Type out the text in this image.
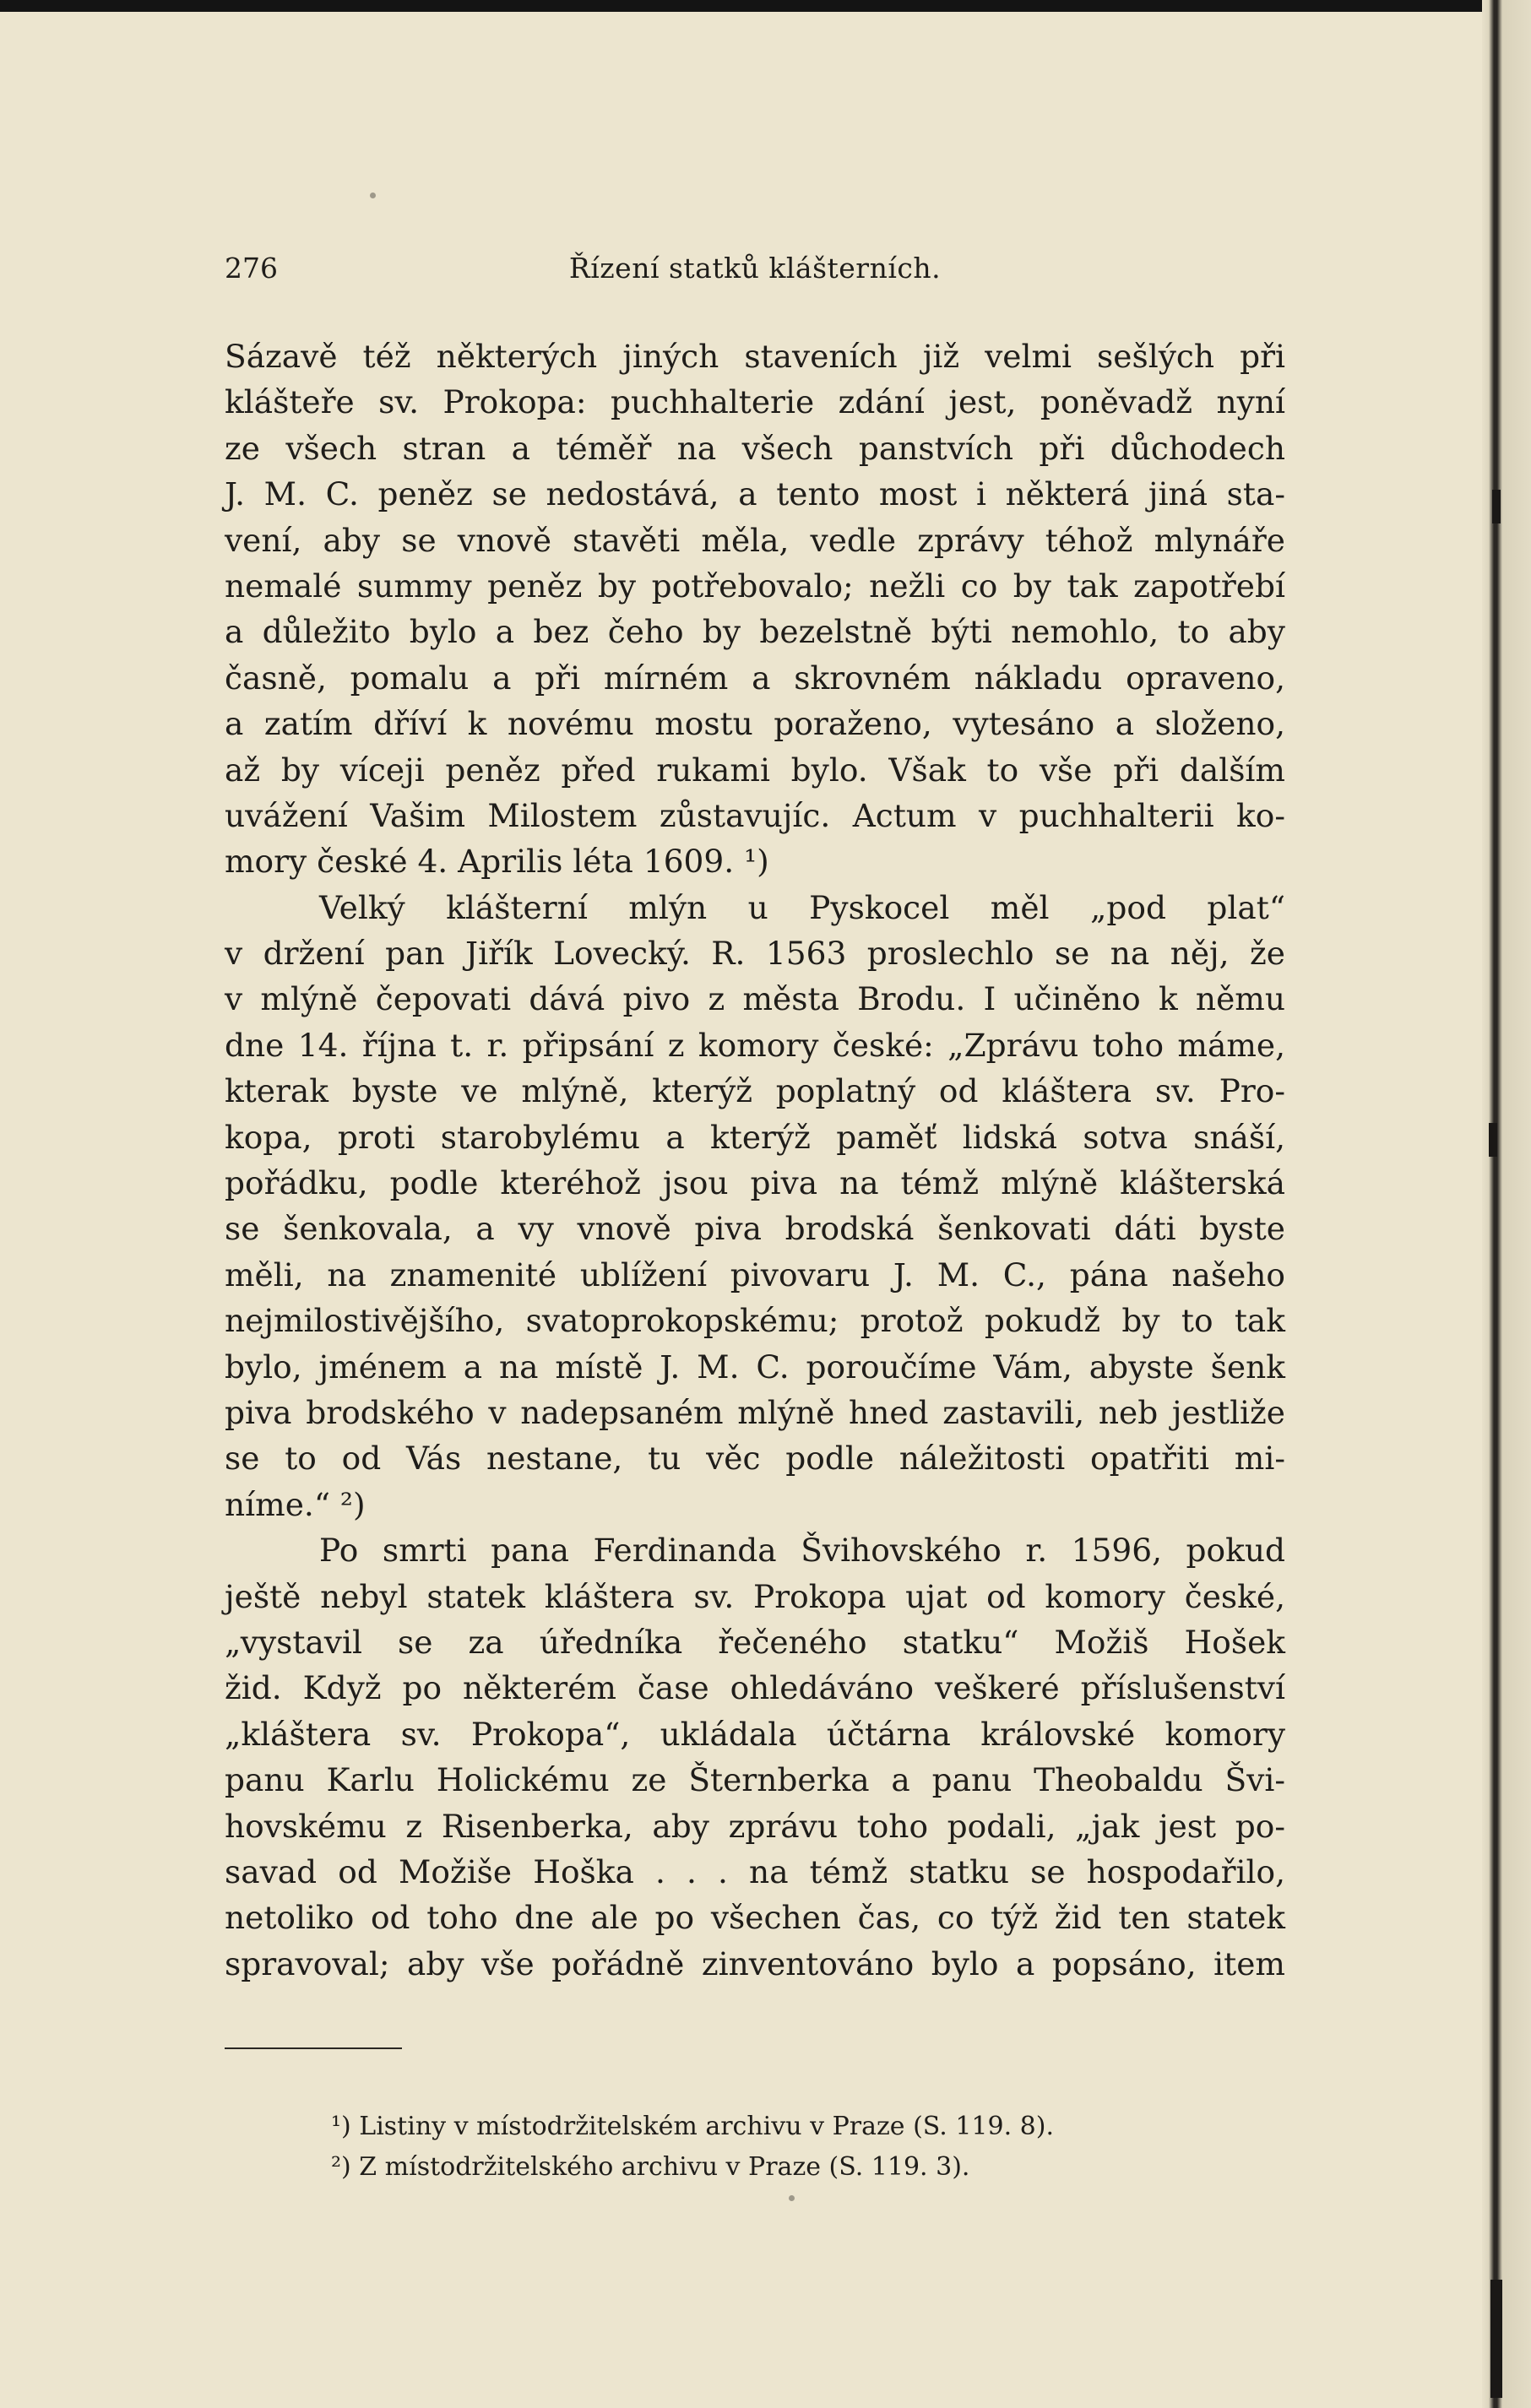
276	Řízení statků klášterních.
Sázavě též některých jiných staveních již velmi sešlých při
klášteře sv. Prokopa: puchhalterie zdání jest, poněvadž nyní
ze všech stran a téměř na všech panstvích při důchodech
J. M. C. peněz se nedostává, a tento most i některá jiná sta-
vení, aby se vnově stavěti měla, vedle zprávy téhož mlynáře
nemalé summy peněz by potřebovalo; nežli co by tak zapotřebí
a důležito bylo a bez čeho by bezelstně býti nemohlo, to aby
časně, pomalu a při mírném a skrovném nákladu opraveno,
a zatím dříví k novému mostu poraženo, vytesáno a složeno,
až by víceji peněz před rukami bylo. Však to vše při dalším
uvážení Vašim Milostem zůstavujíc. Actum v puchhalterii ko-
mory české 4. Aprilis léta 1609. ¹)
Velký klášterní mlýn u Pyskocel měl „pod plat“
v držení pan Jiřík Lovecký. R. 1563 proslechlo se na něj, že
v mlýně čepovati dává pivo z města Brodu. I učiněno k němu
dne 14. října t. r. připsání z komory české: „Zprávu toho máme,
kterak byste ve mlýně, kterýž poplatný od kláštera sv. Pro-
kopa, proti starobylému a kterýž paměť lidská sotva snáší,
pořádku, podle kteréhož jsou piva na témž mlýně klášterská
se šenkovala, a vy vnově piva brodská šenkovati dáti byste
měli, na znamenité ublížení pivovaru J. M. C., pána našeho
nejmilostivějšího, svatoprokopskému; protož pokudž by to tak
bylo, jménem a na místě J. M. C. poroučíme Vám, abyste šenk
piva brodského v nadepsaném mlýně hned zastavili, neb jestliže
se to od Vás nestane, tu věc podle náležitosti opatřiti mi-
níme.“ ²)
Po smrti pana Ferdinanda Švihovského r. 1596, pokud
ještě nebyl statek kláštera sv. Prokopa ujat od komory české,
„vystavil se za úředníka řečeného statku“ Možiš Hošek
žid. Když po některém čase ohledáváno veškeré příslušenství
„kláštera sv. Prokopa“, ukládala účtárna královské komory
panu Karlu Holickému ze Šternberka a panu Theobaldu Švi-
hovskému z Risenberka, aby zprávu toho podali, „jak jest po-
savad od Možiše Hoška . . . na témž statku se hospodařilo,
netoliko od toho dne ale po všechen čas, co týž žid ten statek
spravoval; aby vše pořádně zinventováno bylo a popsáno, item
¹) Listiny v místodržitelském archivu v Praze (S. 119. 8).
²) Z místodržitelského archivu v Praze (S. 119. 3).
